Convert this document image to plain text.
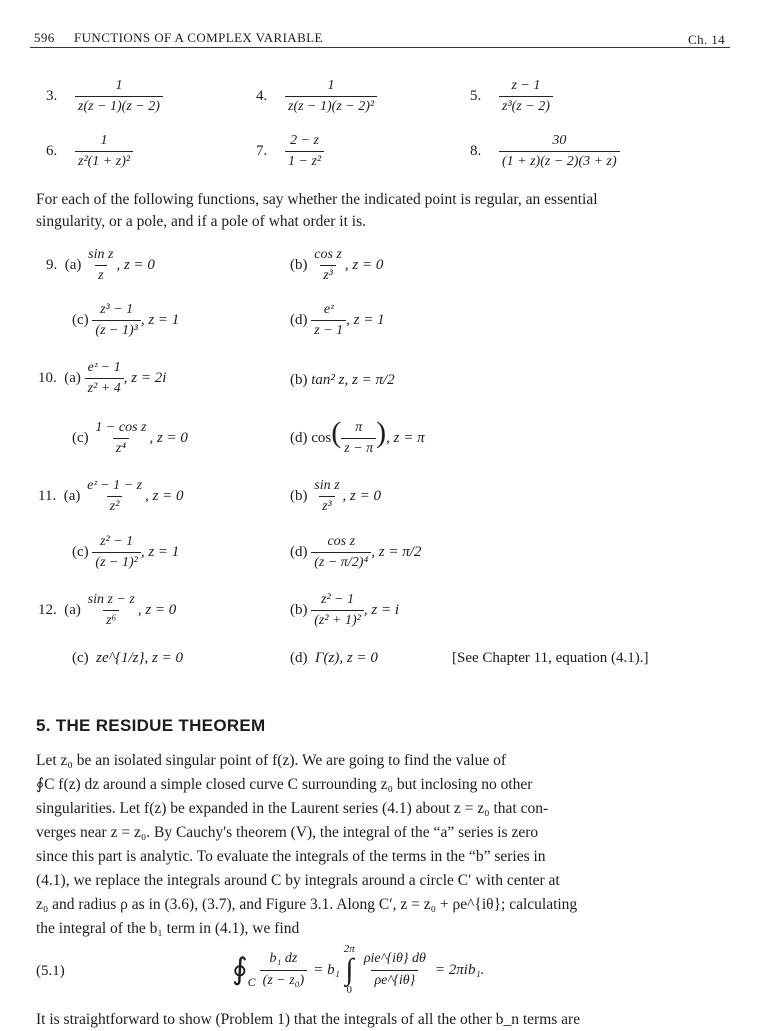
596 FUNCTIONS OF A COMPLEX VARIABLE	Ch. 14
3. $\frac{1}{z(z - 1)(z - 2)}$	4. $\frac{1}{\text{z(z − 1)(z − 2)²}}$	5. $\frac{z - 1}{\text{z³(z − 2)}}$
6. $\frac{1}{\text{z²(1 + z)²}}$	7. $\frac{2 - z}{\text{1 − z²}}$	8. $\frac{30}{(1 + z)(z - 2)(3 + z)}$
For each of the following functions, say whether the indicated point is regular, an essential
singularity, or a pole, and if a pole of what order it is.
9. $(a) \frac{\text{sin z}}{z}$ , z = 0	$(b) \frac{\text{cos z}}{\text{z³}}$ , z = 0
$(c) \frac{\text{z³ − 1}}{\text{(z − 1)³}}$ , z = 1	$(d) \frac{\text{eᶻ}}{z - 1}$ , z = 1
10. $(a) \frac{\text{eᶻ − 1}}{\text{z² + 4}}$ , z = 2i	(b) tan² z, z = π/2
$(c) \frac{\text{1 − cos z}}{\text{z⁴}}$ , z = 0	(d) $\cos( \frac{\pi}{z - \pi}$ ), z = π
11. $(a) \frac{\text{eᶻ − 1 − z}}{\text{z²}}$ , z = 0	$(b) \frac{\text{sin z}}{\text{z³}}$ , z = 0
$(c) \frac{\text{z² − 1}}{\text{(z − 1)²}}$ , z = 1	$(d) \frac{\text{cos z}}{\text{(z − π/2)⁴}}$ , z = π/2
12. $(a) \frac{\text{sin z − z}}{\text{z⁶}}$ , z = 0	$(b) \frac{\text{z² − 1}}{\text{(z² + 1)²}}$ , z = i
(c) ze^{1/z}, z = 0	(d) Γ(z), z = 0	[See Chapter 11, equation (4.1).]
5. THE RESIDUE THEOREM
Let z₀ be an isolated singular point of f(z). We are going to find the value of
∮C f(z) dz around a simple closed curve C surrounding z₀ but inclosing no other
singularities. Let f(z) be expanded in the Laurent series (4.1) about z = z₀ that con-
verges near z = z₀. By Cauchy's theorem (V), the integral of the “a” series is zero
since this part is analytic. To evaluate the integrals of the terms in the “b” series in
(4.1), we replace the integrals around C by integrals around a circle C′ with center at
z₀ and radius ρ as in (3.6), (3.7), and Figure 3.1. Along C′, z = z₀ + ρe^{iθ}; calculating
the integral of the b₁ term in (4.1), we find
(5.1)	∮ C $\frac{\text{b₁ dz}}{\text{(z − z₀)}} = b_1$
2π
∫
0
$\frac{\text{ρie\textasciicircum{}\{iθ\} dθ}}{\rho e\^{}\{i\theta\}} = 2\pi ib_1$.
It is straightforward to show (Problem 1) that the integrals of all the other b_n terms are
